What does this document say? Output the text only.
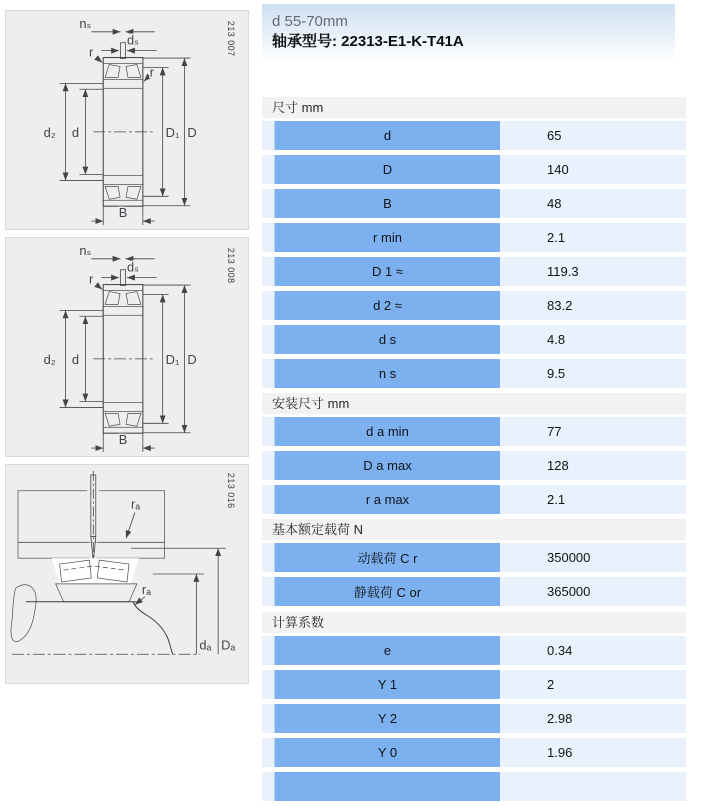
nₛ
dₛ
r
r
d₂ d	D₁ D
B
213 007
nₛ
dₛ
r
d₂ d	D₁ D
B
213 008
rₐ
rₐ
dₐ Dₐ
213 016
d 55-70mm
轴承型号: 22313-E1-K-T41A
尺寸 mm
d	65
D	140
B	48
r min	2.1
D 1 ≈	119.3
d 2 ≈	83.2
d s	4.8
n s	9.5
安装尺寸 mm
d a min	77
D a max	128
r a max	2.1
基本额定载荷 N
动载荷 C r	350000
静载荷 C or	365000
计算系数
e	0.34
Y 1	2
Y 2	2.98
Y 0	1.96
